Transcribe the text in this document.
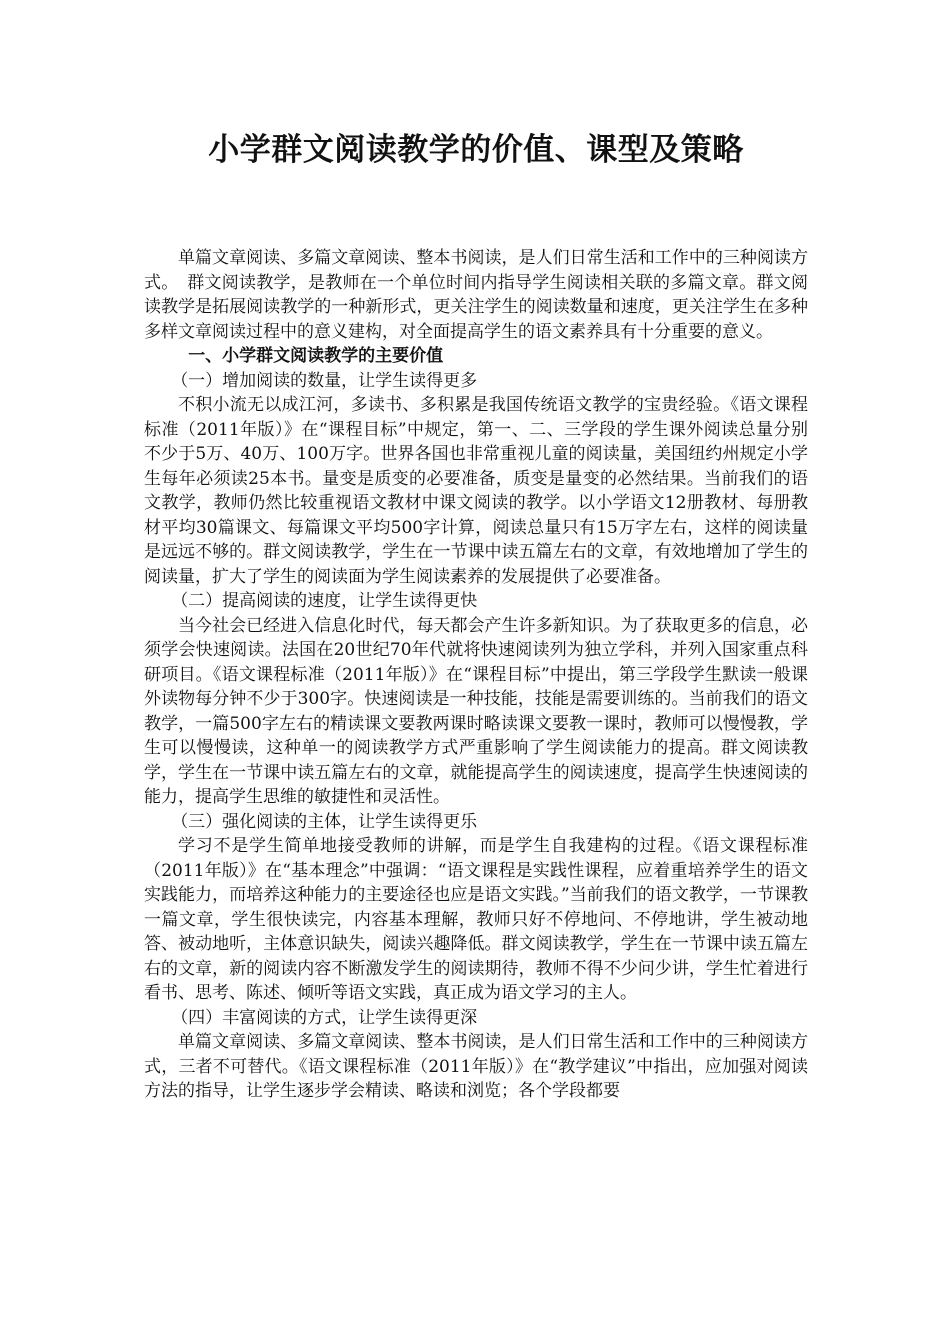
小学群文阅读教学的价值、课型及策略

单篇文章阅读、多篇文章阅读、整本书阅读，是人们日常生活和工作中的三种阅读方式。　群文阅读教学，是教师在一个单位时间内指导学生阅读相关联的多篇文章。群文阅读教学是拓展阅读教学的一种新形式，更关注学生的阅读数量和速度，更关注学生在多种多样文章阅读过程中的意义建构，对全面提高学生的语文素养具有十分重要的意义。

一、小学群文阅读教学的主要价值

（一）增加阅读的数量，让学生读得更多

不积小流无以成江河，多读书、多积累是我国传统语文教学的宝贵经验。《语文课程标准（2011年版）》在“课程目标”中规定，第一、二、三学段的学生课外阅读总量分别不少于5万、40万、100万字。世界各国也非常重视儿童的阅读量，美国纽约州规定小学生每年必须读25本书。量变是质变的必要准备，质变是量变的必然结果。当前我们的语文教学，教师仍然比较重视语文教材中课文阅读的教学。以小学语文12册教材、每册教材平均30篇课文、每篇课文平均500字计算，阅读总量只有15万字左右，这样的阅读量是远远不够的。群文阅读教学，学生在一节课中读五篇左右的文章，有效地增加了学生的阅读量，扩大了学生的阅读面为学生阅读素养的发展提供了必要准备。

（二）提高阅读的速度，让学生读得更快

当今社会已经进入信息化时代，每天都会产生许多新知识。为了获取更多的信息，必须学会快速阅读。法国在20世纪70年代就将快速阅读列为独立学科，并列入国家重点科研项目。《语文课程标准（2011年版）》在“课程目标”中提出，第三学段学生默读一般课外读物每分钟不少于300字。快速阅读是一种技能，技能是需要训练的。当前我们的语文教学，一篇500字左右的精读课文要教两课时略读课文要教一课时，教师可以慢慢教，学生可以慢慢读，这种单一的阅读教学方式严重影响了学生阅读能力的提高。群文阅读教学，学生在一节课中读五篇左右的文章，就能提高学生的阅读速度，提高学生快速阅读的能力，提高学生思维的敏捷性和灵活性。

（三）强化阅读的主体，让学生读得更乐

学习不是学生简单地接受教师的讲解，而是学生自我建构的过程。《语文课程标准（2011年版）》在“基本理念”中强调：“语文课程是实践性课程，应着重培养学生的语文实践能力，而培养这种能力的主要途径也应是语文实践。”当前我们的语文教学，一节课教一篇文章，学生很快读完，内容基本理解，教师只好不停地问、不停地讲，学生被动地答、被动地听，主体意识缺失，阅读兴趣降低。群文阅读教学，学生在一节课中读五篇左右的文章，新的阅读内容不断激发学生的阅读期待，教师不得不少问少讲，学生忙着进行看书、思考、陈述、倾听等语文实践，真正成为语文学习的主人。

（四）丰富阅读的方式，让学生读得更深

单篇文章阅读、多篇文章阅读、整本书阅读，是人们日常生活和工作中的三种阅读方式，三者不可替代。《语文课程标准（2011年版）》在“教学建议”中指出，应加强对阅读方法的指导，让学生逐步学会精读、略读和浏览；各个学段都要
